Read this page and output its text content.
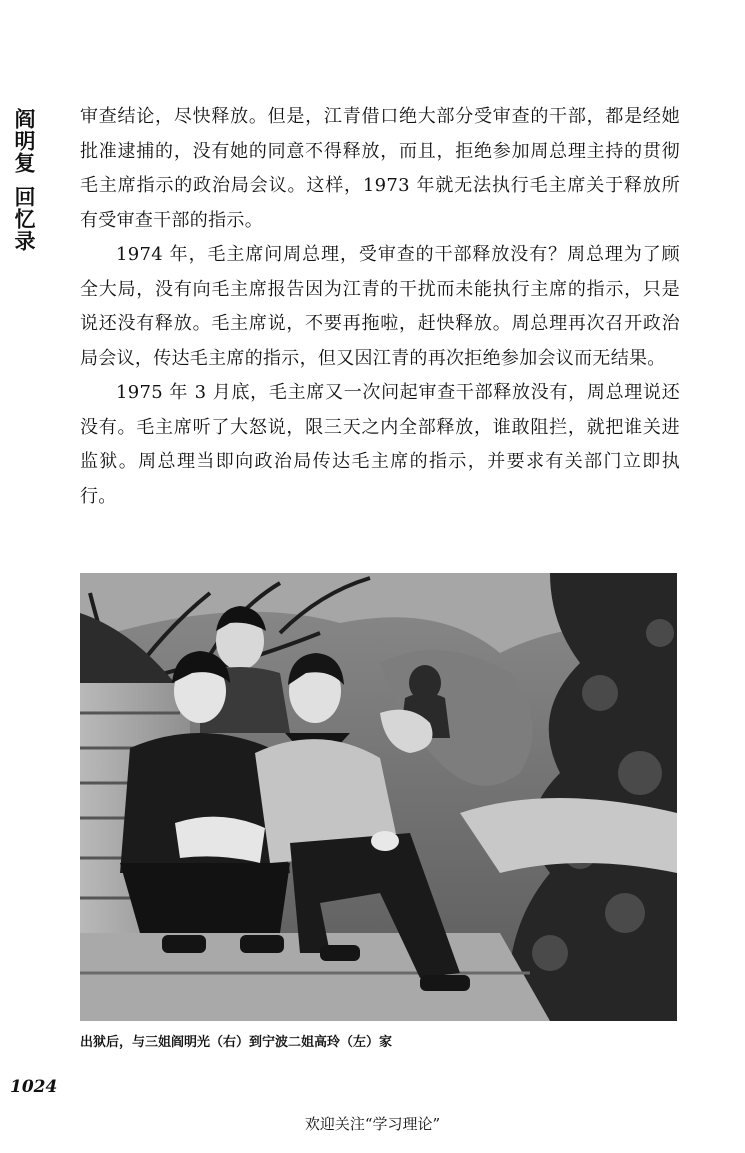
阎明复回忆录

审查结论，尽快释放。但是，江青借口绝大部分受审查的干部，都是经她批准逮捕的，没有她的同意不得释放，而且，拒绝参加周总理主持的贯彻毛主席指示的政治局会议。这样，1973 年就无法执行毛主席关于释放所有受审查干部的指示。

1974 年，毛主席问周总理，受审查的干部释放没有？周总理为了顾全大局，没有向毛主席报告因为江青的干扰而未能执行主席的指示，只是说还没有释放。毛主席说，不要再拖啦，赶快释放。周总理再次召开政治局会议，传达毛主席的指示，但又因江青的再次拒绝参加会议而无结果。

1975 年 3 月底，毛主席又一次问起审查干部释放没有，周总理说还没有。毛主席听了大怒说，限三天之内全部释放，谁敢阻拦，就把谁关进监狱。周总理当即向政治局传达毛主席的指示，并要求有关部门立即执行。

出狱后，与三姐阎明光（右）到宁波二姐高玲（左）家
1024
欢迎关注“学习理论”
